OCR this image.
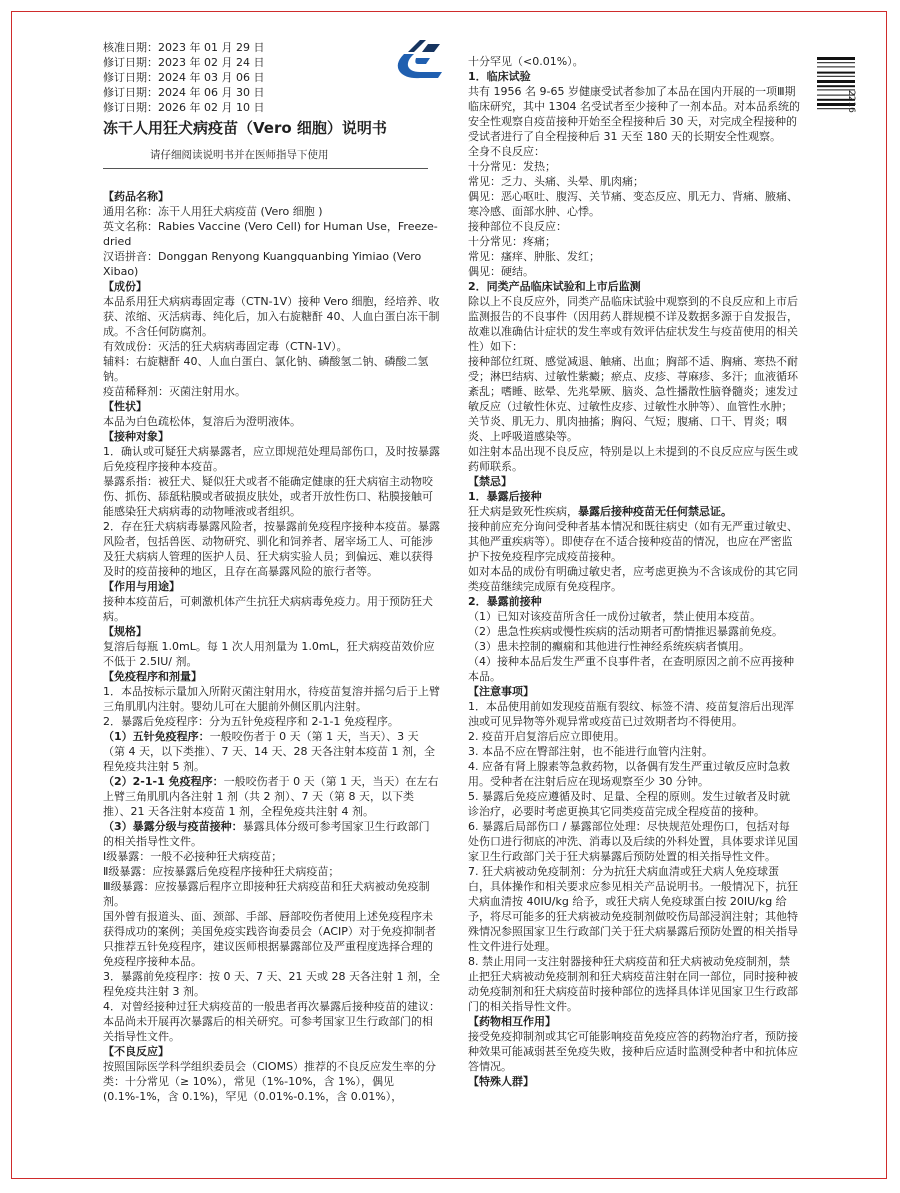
2216

核准日期：2023 年 01 月 29 日

修订日期：2023 年 02 月 24 日

修订日期：2024 年 03 月 06 日

修订日期：2024 年 06 月 30 日

修订日期：2026 年 02 月 10 日

冻干人用狂犬病疫苗（Vero 细胞）说明书
请仔细阅读说明书并在医师指导下使用

【药品名称】

通用名称：冻干人用狂犬病疫苗 (Vero 细胞 )

英文名称：Rabies Vaccine (Vero Cell) for Human Use，Freeze-dried

汉语拼音：Donggan Renyong Kuangquanbing Yimiao (Vero Xibao)

【成份】

本品系用狂犬病病毒固定毒（CTN-1V）接种 Vero 细胞，经培养、收获、浓缩、灭活病毒、纯化后，加入右旋糖酐 40、人血白蛋白冻干制成。不含任何防腐剂。

有效成份：灭活的狂犬病病毒固定毒（CTN-1V）。

辅料：右旋糖酐 40、人血白蛋白、氯化钠、磷酸氢二钠、磷酸二氢钠。

疫苗稀释剂：灭菌注射用水。

【性状】

本品为白色疏松体，复溶后为澄明液体。

【接种对象】

1．确认或可疑狂犬病暴露者，应立即规范处理局部伤口，及时按暴露后免疫程序接种本疫苗。

暴露系指：被狂犬、疑似狂犬或者不能确定健康的狂犬病宿主动物咬伤、抓伤、舔舐粘膜或者破损皮肤处，或者开放性伤口、粘膜接触可能感染狂犬病病毒的动物唾液或者组织。

2．存在狂犬病病毒暴露风险者，按暴露前免疫程序接种本疫苗。暴露风险者，包括兽医、动物研究、驯化和饲养者、屠宰场工人、可能涉及狂犬病病人管理的医护人员、狂犬病实验人员；到偏远、难以获得及时的疫苗接种的地区，且存在高暴露风险的旅行者等。

【作用与用途】

接种本疫苗后，可刺激机体产生抗狂犬病病毒免疫力。用于预防狂犬病。

【规格】

复溶后每瓶 1.0mL。每 1 次人用剂量为 1.0mL，狂犬病疫苗效价应不低于 2.5IU/ 剂。

【免疫程序和剂量】

1．本品按标示量加入所附灭菌注射用水，待疫苗复溶并摇匀后于上臂三角肌肌内注射。婴幼儿可在大腿前外侧区肌内注射。

2．暴露后免疫程序：分为五针免疫程序和 2-1-1 免疫程序。

（1）五针免疫程序：一般咬伤者于 0 天（第 1 天，当天）、3 天（第 4 天，以下类推）、7 天、14 天、28 天各注射本疫苗 1 剂，全程免疫共注射 5 剂。

（2）2-1-1 免疫程序：一般咬伤者于 0 天（第 1 天，当天）在左右上臂三角肌肌内各注射 1 剂（共 2 剂）、7 天（第 8 天，以下类推）、21 天各注射本疫苗 1 剂，全程免疫共注射 4 剂。

（3）暴露分级与疫苗接种：暴露具体分级可参考国家卫生行政部门的相关指导性文件。

Ⅰ级暴露：一般不必接种狂犬病疫苗；

Ⅱ级暴露：应按暴露后免疫程序接种狂犬病疫苗；

Ⅲ级暴露：应按暴露后程序立即接种狂犬病疫苗和狂犬病被动免疫制剂。

国外曾有报道头、面、颈部、手部、唇部咬伤者使用上述免疫程序未获得成功的案例；美国免疫实践咨询委员会（ACIP）对于免疫抑制者只推荐五针免疫程序，建议医师根据暴露部位及严重程度选择合理的免疫程序接种本品。

3．暴露前免疫程序：按 0 天、7 天、21 天或 28 天各注射 1 剂，全程免疫共注射 3 剂。

4．对曾经接种过狂犬病疫苗的一般患者再次暴露后接种疫苗的建议：本品尚未开展再次暴露后的相关研究。可参考国家卫生行政部门的相关指导性文件。

【不良反应】

按照国际医学科学组织委员会（CIOMS）推荐的不良反应发生率的分类：十分常见（≥ 10%），常见（1%-10%，含 1%），偶见 (0.1%-1%，含 0.1%)，罕见（0.01%-0.1%，含 0.01%），

十分罕见（<0.01%）。

1．临床试验

共有 1956 名 9-65 岁健康受试者参加了本品在国内开展的一项Ⅲ期临床研究，其中 1304 名受试者至少接种了一剂本品。对本品系统的安全性观察自疫苗接种开始至全程接种后 30 天，对完成全程接种的受试者进行了自全程接种后 31 天至 180 天的长期安全性观察。

全身不良反应：

十分常见：发热；

常见：乏力、头痛、头晕、肌肉痛；

偶见：恶心呕吐、腹泻、关节痛、变态反应、肌无力、背痛、腋痛、寒冷感、面部水肿、心悸。

接种部位不良反应：

十分常见：疼痛；

常见：瘙痒、肿胀、发红；

偶见：硬结。

2．同类产品临床试验和上市后监测

除以上不良反应外，同类产品临床试验中观察到的不良反应和上市后监测报告的不良事件（因用药人群规模不详及数据多源于自发报告，故难以准确估计症状的发生率或有效评估症状发生与疫苗使用的相关性）如下：

接种部位红斑、感觉减退、触痛、出血；胸部不适、胸痛、寒热不耐受；淋巴结病、过敏性紫癜；瘀点、皮疹、荨麻疹、多汗；血液循环紊乱；嗜睡、眩晕、先兆晕厥、脑炎、急性播散性脑脊髓炎；速发过敏反应（过敏性休克、过敏性皮疹、过敏性水肿等）、血管性水肿；关节炎、肌无力、肌肉抽搐；胸闷、气短；腹痛、口干、胃炎；咽炎、上呼吸道感染等。

如注射本品出现不良反应，特别是以上未提到的不良反应应与医生或药师联系。

【禁忌】

1．暴露后接种

狂犬病是致死性疾病，暴露后接种疫苗无任何禁忌证。

接种前应充分询问受种者基本情况和既往病史（如有无严重过敏史、其他严重疾病等）。即使存在不适合接种疫苗的情况，也应在严密监护下按免疫程序完成疫苗接种。

如对本品的成份有明确过敏史者，应考虑更换为不含该成份的其它同类疫苗继续完成原有免疫程序。

2．暴露前接种

（1）已知对该疫苗所含任一成份过敏者，禁止使用本疫苗。

（2）患急性疾病或慢性疾病的活动期者可酌情推迟暴露前免疫。

（3）患未控制的癫痫和其他进行性神经系统疾病者慎用。

（4）接种本品后发生严重不良事件者，在查明原因之前不应再接种本品。

【注意事项】

1．本品使用前如发现疫苗瓶有裂纹、标签不清、疫苗复溶后出现浑浊或可见异物等外观异常或疫苗已过效期者均不得使用。

2. 疫苗开启复溶后应立即使用。

3. 本品不应在臀部注射，也不能进行血管内注射。

4. 应备有肾上腺素等急救药物，以备偶有发生严重过敏反应时急救用。受种者在注射后应在现场观察至少 30 分钟。

5. 暴露后免疫应遵循及时、足量、全程的原则。发生过敏者及时就诊治疗，必要时考虑更换其它同类疫苗完成全程疫苗的接种。

6. 暴露后局部伤口 / 暴露部位处理：尽快规范处理伤口，包括对每处伤口进行彻底的冲洗、消毒以及后续的外科处置，具体要求详见国家卫生行政部门关于狂犬病暴露后预防处置的相关指导性文件。

7. 狂犬病被动免疫制剂：分为抗狂犬病血清或狂犬病人免疫球蛋白，具体操作和相关要求应参见相关产品说明书。一般情况下，抗狂犬病血清按 40IU/kg 给予，或狂犬病人免疫球蛋白按 20IU/kg 给予，将尽可能多的狂犬病被动免疫制剂做咬伤局部浸润注射；其他特殊情况参照国家卫生行政部门关于狂犬病暴露后预防处置的相关指导性文件进行处理。

8. 禁止用同一支注射器接种狂犬病疫苗和狂犬病被动免疫制剂，禁止把狂犬病被动免疫制剂和狂犬病疫苗注射在同一部位，同时接种被动免疫制剂和狂犬病疫苗时接种部位的选择具体详见国家卫生行政部门的相关指导性文件。

【药物相互作用】

接受免疫抑制剂或其它可能影响疫苗免疫应答的药物治疗者，预防接种效果可能减弱甚至免疫失败，接种后应适时监测受种者中和抗体应答情况。

【特殊人群】
